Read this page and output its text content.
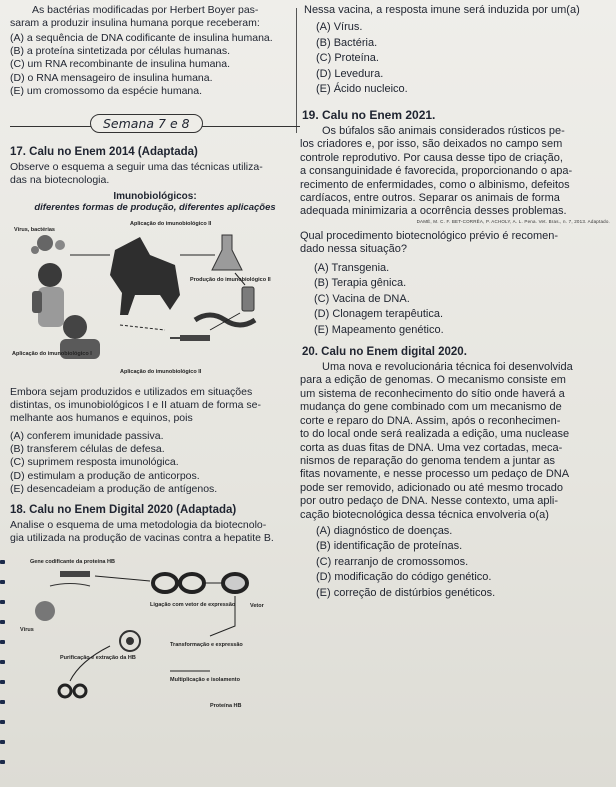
As bactérias modificadas por Herbert Boyer pas-

saram a produzir insulina humana porque receberam:

(A) a sequência de DNA codificante de insulina humana.

(B) a proteína sintetizada por células humanas.

(C) um RNA recombinante de insulina humana.

(D) o RNA mensageiro de insulina humana.

(E) um cromossomo da espécie humana.

Semana 7 e 8

17. Calu no Enem 2014 (Adaptada)

Observe o esquema a seguir uma das técnicas utiliza-

das na biotecnologia.

Imunobiológicos:
diferentes formas de produção, diferentes aplicações
Aplicação do imunobiológico II
Vírus, bactérias
Produção do imunobiológico II
Aplicação do imunobiológico I
Aplicação do imunobiológico II

Embora sejam produzidos e utilizados em situações

distintas, os imunobiológicos I e II atuam de forma se-

melhante aos humanos e equinos, pois

(A) conferem imunidade passiva.

(B) transferem células de defesa.

(C) suprimem resposta imunológica.

(D) estimulam a produção de anticorpos.

(E) desencadeiam a produção de antígenos.

18. Calu no Enem Digital 2020 (Adaptada)

Analise o esquema de uma metodologia da biotecnolo-

gia utilizada na produção de vacinas contra a hepatite B.

Gene codificante da proteína HB
Ligação com vetor de expressão	Vetor
Vírus
Transformação e expressão
Purificação e extração da HB
Multiplicação e isolamento
Proteína HB

Nessa vacina, a resposta imune será induzida por um(a)

(A) Vírus.

(B) Bactéria.

(C) Proteína.

(D) Levedura.

(E) Ácido nucleico.

19. Calu no Enem 2021.

Os búfalos são animais considerados rústicos pe-

los criadores e, por isso, são deixados no campo sem

controle reprodutivo. Por causa desse tipo de criação,

a consanguinidade é favorecida, proporcionando o apa-

recimento de enfermidades, como o albinismo, defeitos

cardíacos, entre outros. Separar os animais de forma

adequada minimizaria a ocorrência desses problemas.

DAMÉ, M. C. F. BET-CORRÊA, P. ACHOLY, A. L. Pena. Vet. Bras., n. 7, 2013. Adaptado.

Qual procedimento biotecnológico prévio é recomen-

dado nessa situação?

(A) Transgenia.

(B) Terapia gênica.

(C) Vacina de DNA.

(D) Clonagem terapêutica.

(E) Mapeamento genético.

20. Calu no Enem digital 2020.

Uma nova e revolucionária técnica foi desenvolvida

para a edição de genomas. O mecanismo consiste em

um sistema de reconhecimento do sítio onde haverá a

mudança do gene combinado com um mecanismo de

corte e reparo do DNA. Assim, após o reconhecimen-

to do local onde será realizada a edição, uma nuclease

corta as duas fitas de DNA. Uma vez cortadas, meca-

nismos de reparação do genoma tendem a juntar as

fitas novamente, e nesse processo um pedaço de DNA

pode ser removido, adicionado ou até mesmo trocado

por outro pedaço de DNA. Nesse contexto, uma apli-

cação biotecnológica dessa técnica envolveria o(a)

(A) diagnóstico de doenças.

(B) identificação de proteínas.

(C) rearranjo de cromossomos.

(D) modificação do código genético.

(E) correção de distúrbios genéticos.
